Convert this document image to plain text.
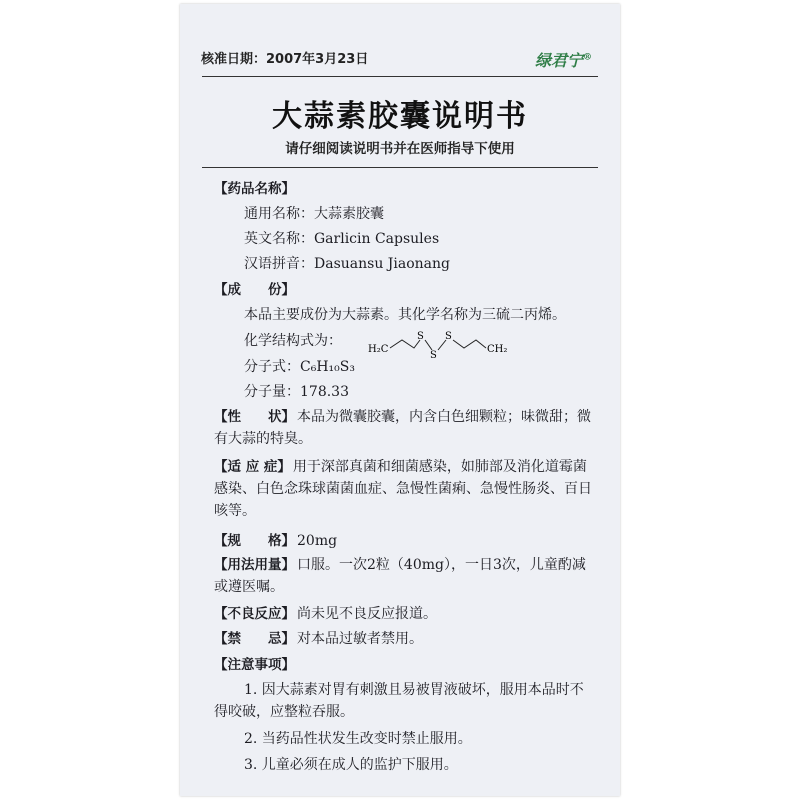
核准日期：2007年3月23日	绿君宁®
大蒜素胶囊说明书
请仔细阅读说明书并在医师指导下使用
【药品名称】
通用名称：大蒜素胶囊
英文名称：Garlicin Capsules
汉语拼音：Dasuansu Jiaonang
【成　　份】
本品主要成份为大蒜素。其化学名称为三硫二丙烯。
化学结构式为：
H₂C
S
S
S
CH₂
分子式：C₆H₁₀S₃
分子量：178.33
【性　　状】 本品为微囊胶囊，内含白色细颗粒；味微甜；微有大蒜的特臭。
【适 应 症】 用于深部真菌和细菌感染，如肺部及消化道霉菌感染、白色念珠球菌菌血症、急慢性菌痢、急慢性肠炎、百日咳等。
【规　　格】 20mg
【用法用量】 口服。一次2粒（40mg），一日3次，儿童酌减或遵医嘱。
【不良反应】 尚未见不良反应报道。
【禁　　忌】 对本品过敏者禁用。
【注意事项】
1. 因大蒜素对胃有刺激且易被胃液破坏，服用本品时不得咬破，应整粒吞服。
2. 当药品性状发生改变时禁止服用。
3. 儿童必须在成人的监护下服用。
